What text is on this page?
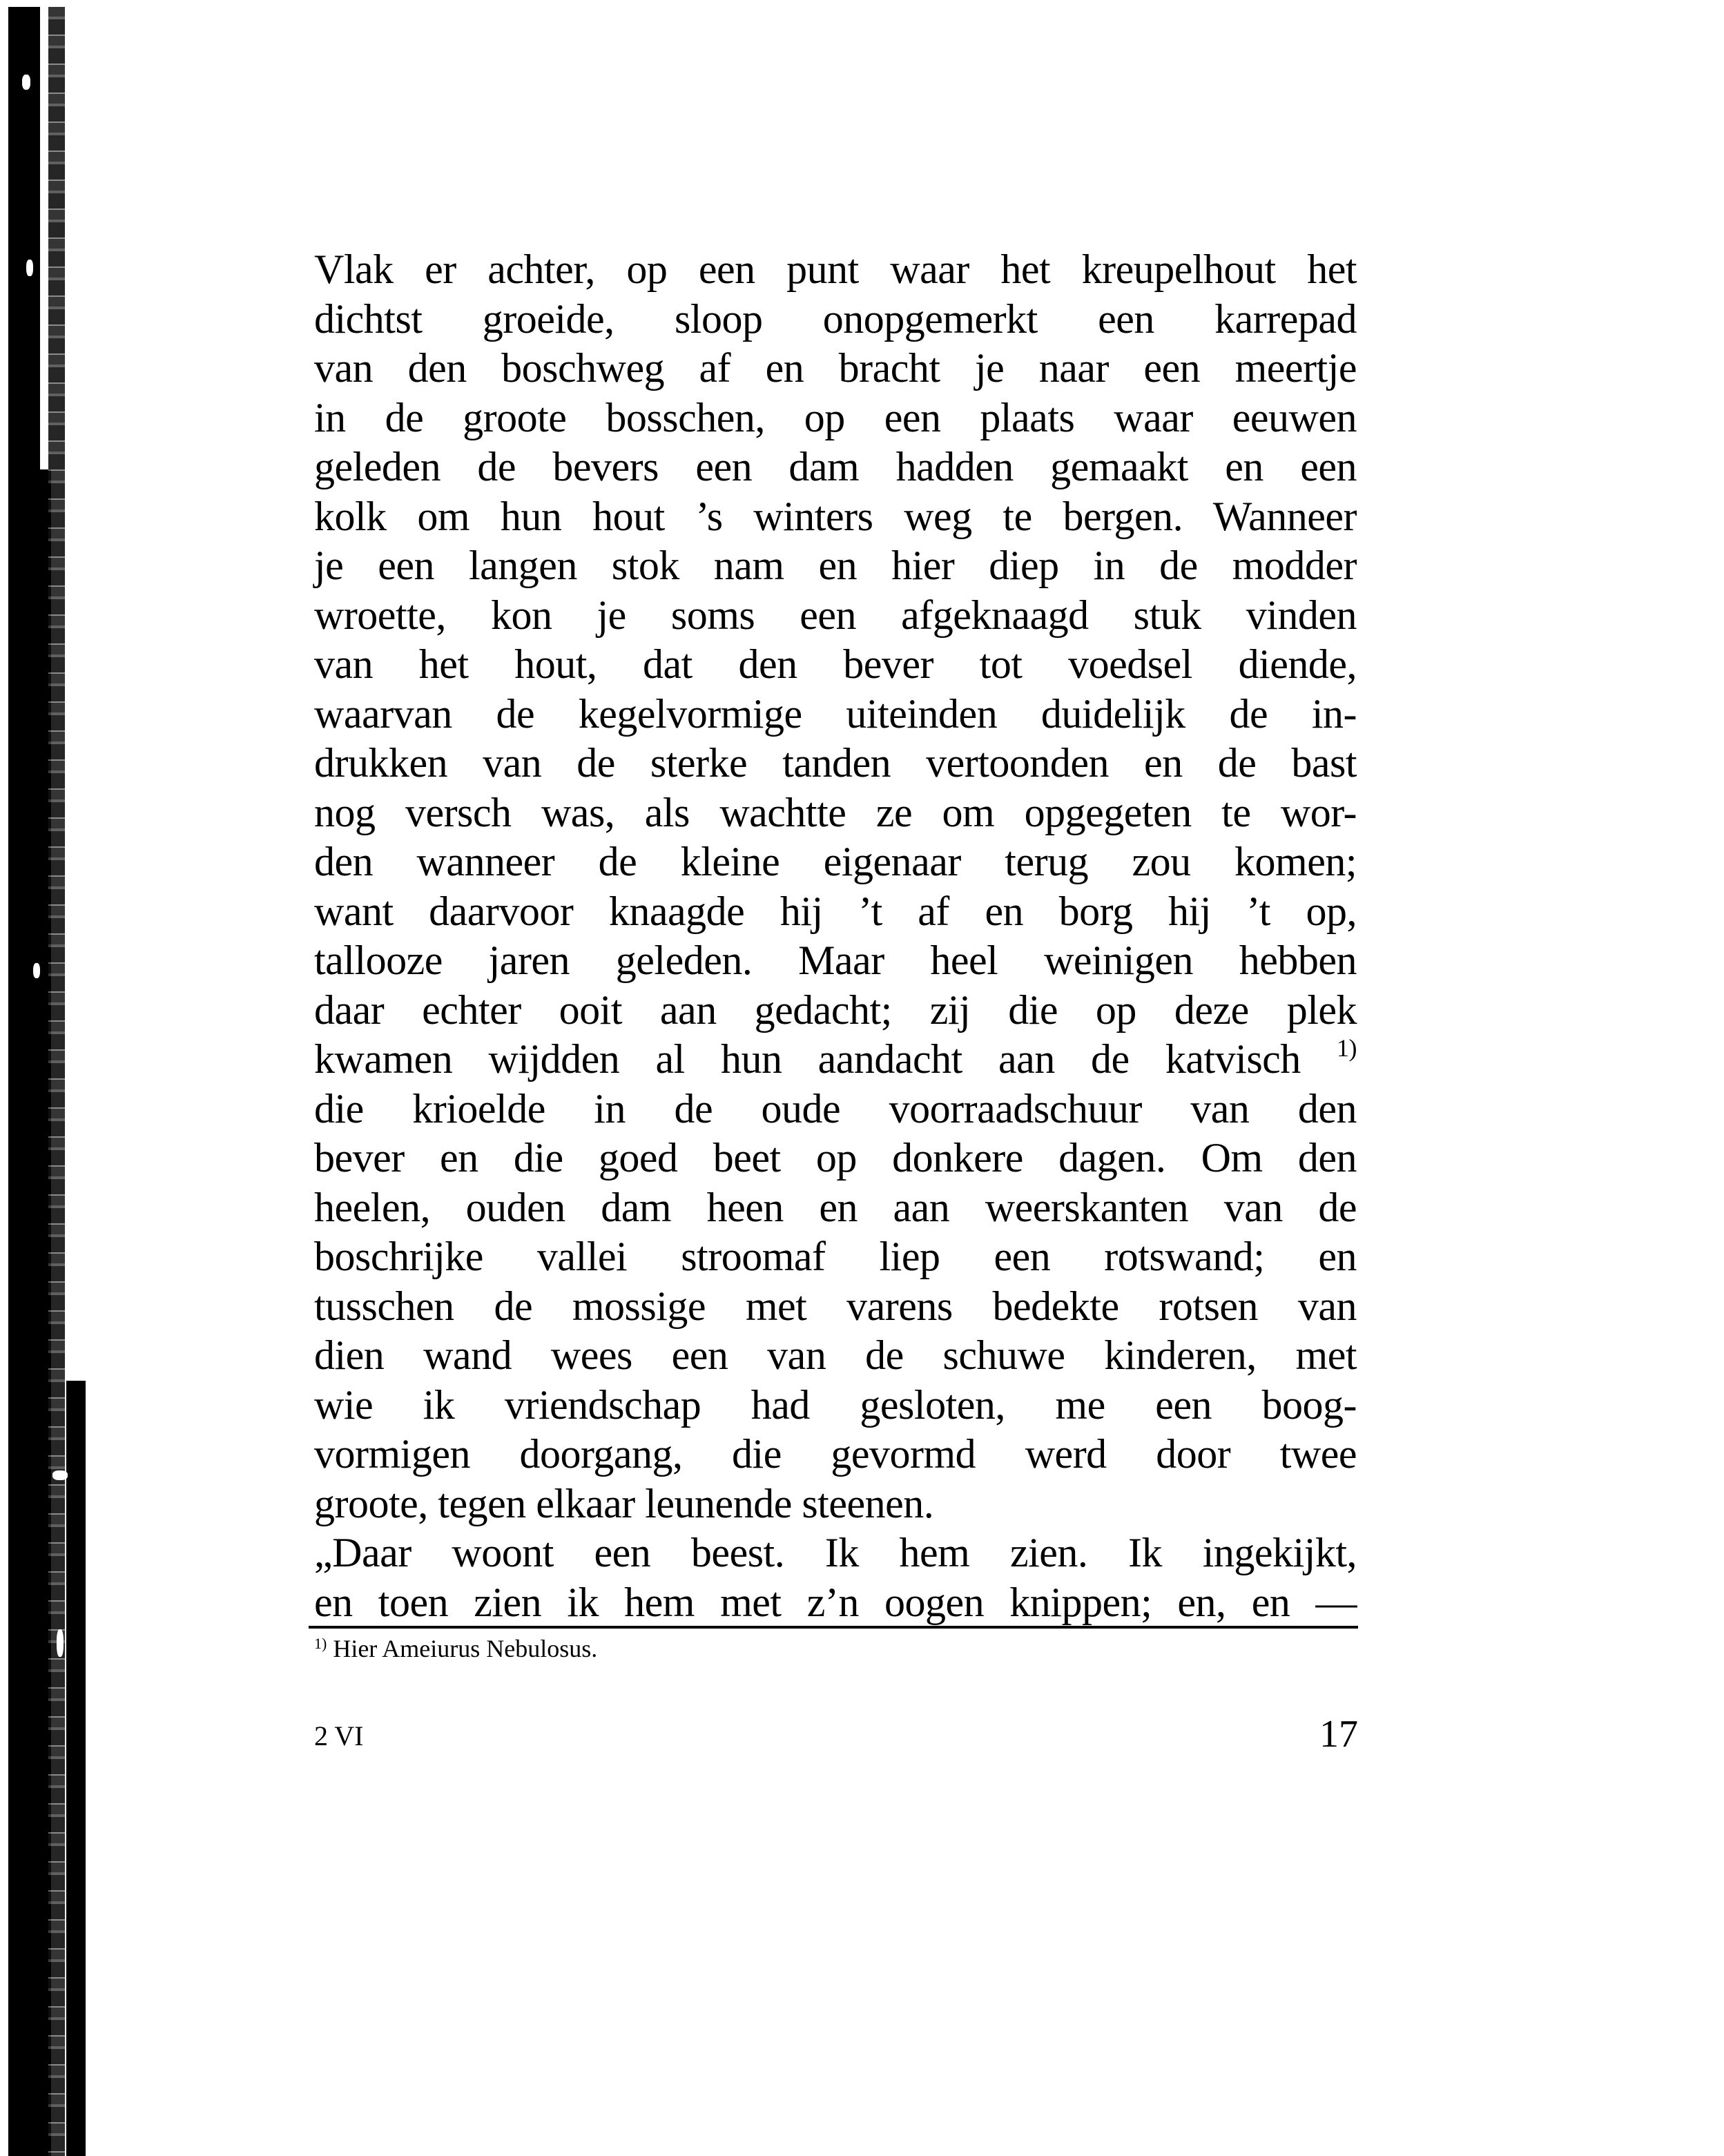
Vlak er achter, op een punt waar het kreupelhout het
dichtst groeide, sloop onopgemerkt een karrepad
van den boschweg af en bracht je naar een meertje
in de groote bosschen, op een plaats waar eeuwen
geleden de bevers een dam hadden gemaakt en een
kolk om hun hout ’s winters weg te bergen. Wanneer
je een langen stok nam en hier diep in de modder
wroette, kon je soms een afgeknaagd stuk vinden
van het hout, dat den bever tot voedsel diende,
waarvan de kegelvormige uiteinden duidelijk de in-
drukken van de sterke tanden vertoonden en de bast
nog versch was, als wachtte ze om opgegeten te wor-
den wanneer de kleine eigenaar terug zou komen;
want daarvoor knaagde hij ’t af en borg hij ’t op,
tallooze jaren geleden. Maar heel weinigen hebben
daar echter ooit aan gedacht; zij die op deze plek
kwamen wijdden al hun aandacht aan de katvisch $^{1)}$
die krioelde in de oude voorraadschuur van den
bever en die goed beet op donkere dagen. Om den
heelen, ouden dam heen en aan weerskanten van de
boschrijke vallei stroomaf liep een rotswand; en
tusschen de mossige met varens bedekte rotsen van
dien wand wees een van de schuwe kinderen, met
wie ik vriendschap had gesloten, me een boog-
vormigen doorgang, die gevormd werd door twee
groote, tegen elkaar leunende steenen.
„Daar woont een beest. Ik hem zien. Ik ingekijkt,
en toen zien ik hem met z’n oogen knippen; en, en —
$^{1)}$ Hier Ameiurus Nebulosus.
2 VI	17
